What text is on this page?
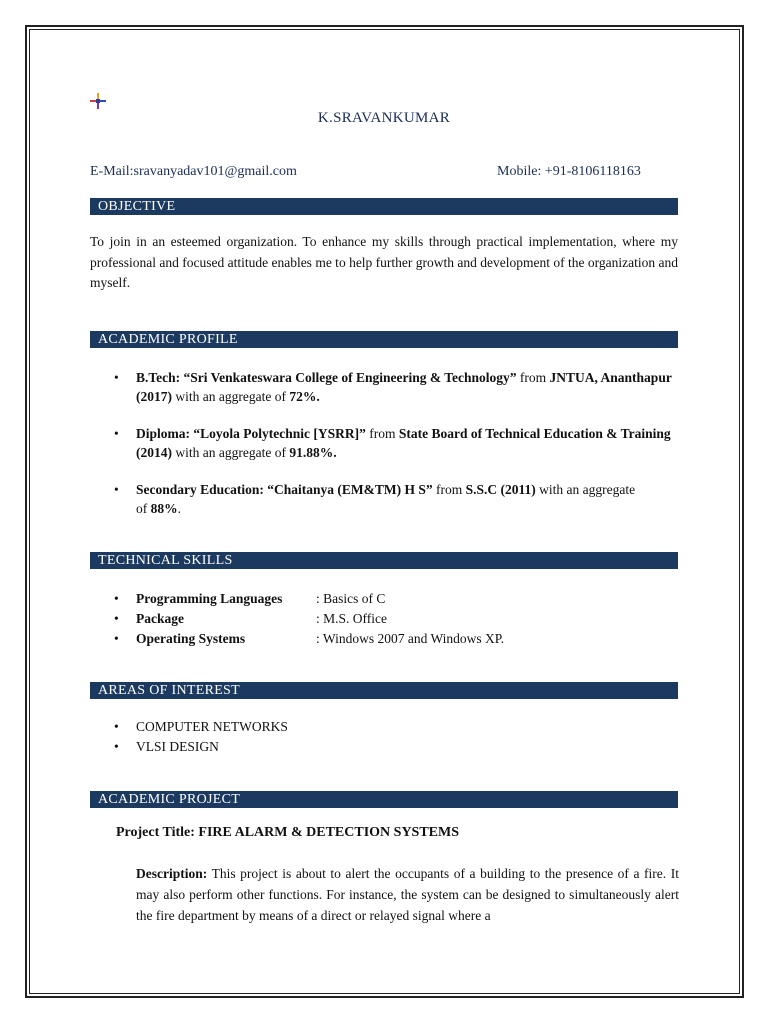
K.SRAVANKUMAR
E-Mail:sravanyadav101@gmail.com	Mobile: +91-8106118163
OBJECTIVE
To join in an esteemed organization. To enhance my skills through practical implementation, where my professional and focused attitude enables me to help further growth and development of the organization and myself.
ACADEMIC PROFILE
• B.Tech: “Sri Venkateswara College of Engineering & Technology” from JNTUA, Ananthapur (2017) with an aggregate of 72%.
• Diploma: “Loyola Polytechnic [YSRR]” from State Board of Technical Education & Training (2014) with an aggregate of 91.88%.
• Secondary Education: “Chaitanya (EM&TM) H S” from S.S.C (2011) with an aggregate of 88%.
TECHNICAL SKILLS
• Programming Languages : Basics of C
• Package	: M.S. Office
• Operating Systems	: Windows 2007 and Windows XP.
AREAS OF INTEREST
• COMPUTER NETWORKS
• VLSI DESIGN
ACADEMIC PROJECT
Project Title: FIRE ALARM & DETECTION SYSTEMS
Description: This project is about to alert the occupants of a building to the presence of a fire. It may also perform other functions. For instance, the system can be designed to simultaneously alert the fire department by means of a direct or relayed signal where a
